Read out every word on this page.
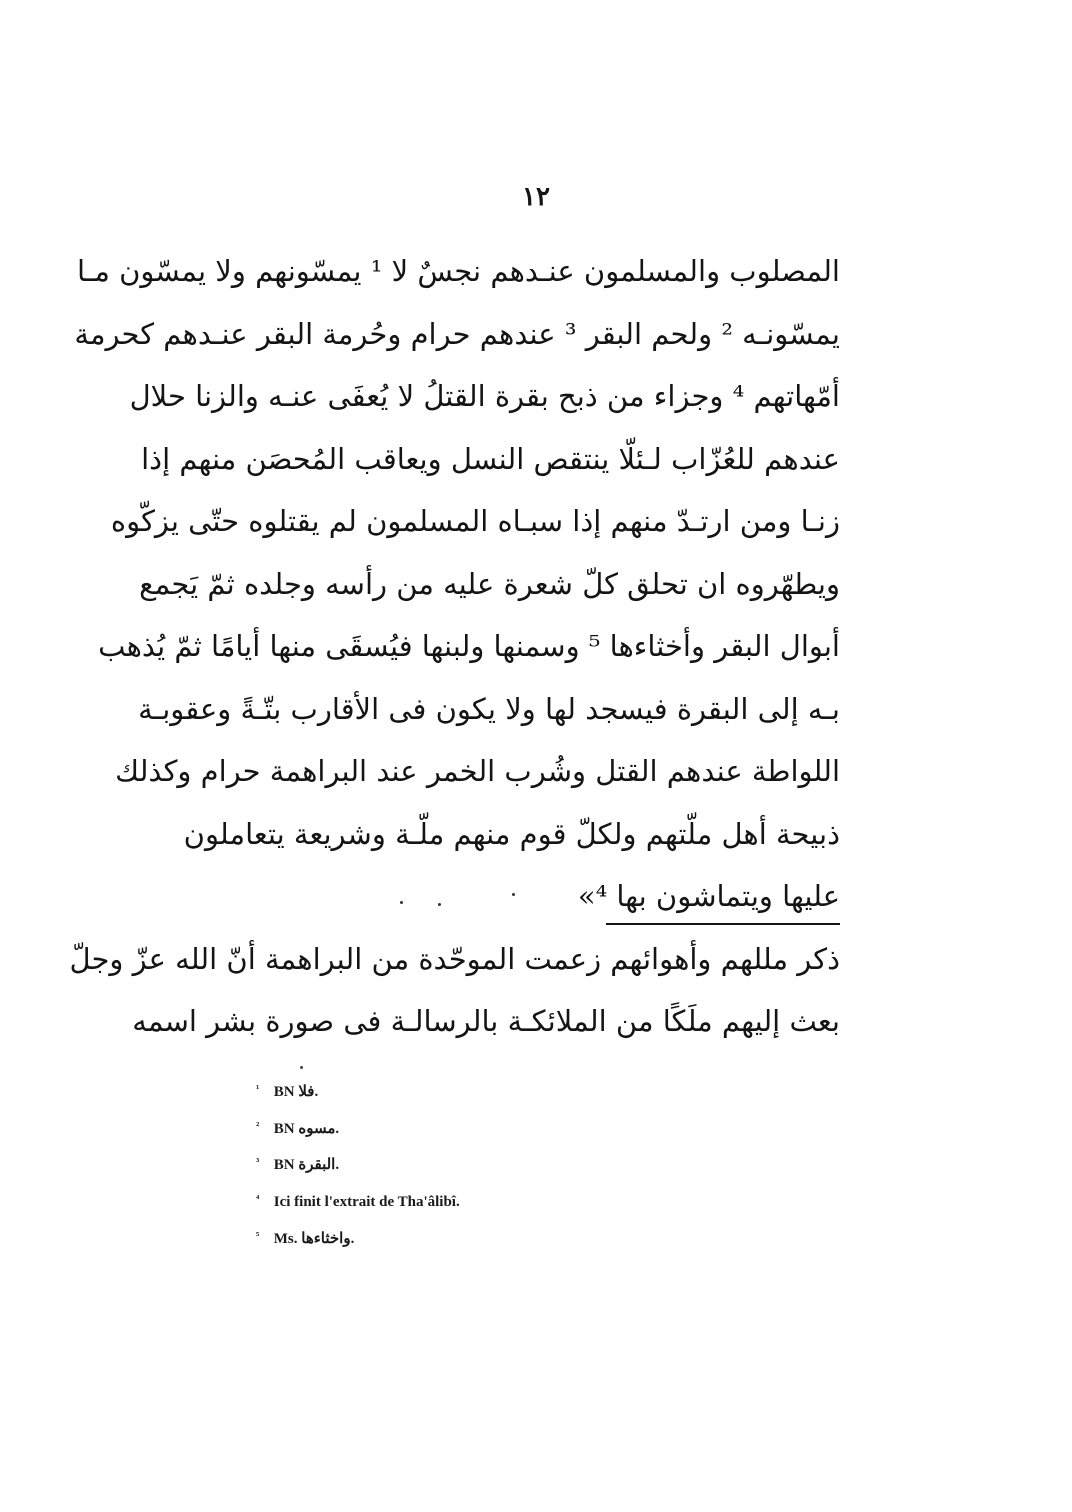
١٢
المصلوب والمسلمون عنـدهم نجسٌ لا ¹ يمسّونهم ولا يمسّون مـا
يمسّونـه ² ولحم البقر ³ عندهم حرام وحُرمة البقر عنـدهم كحرمة
أمّهاتهم ⁴ وجزاء من ذبح بقرة القتلُ لا يُعفَى عنـه والزنا حلال
عندهم للعُزّاب لـئلّا ينتقص النسل ويعاقب المُحصَن منهم إذا
زنـا ومن ارتـدّ منهم إذا سبـاه المسلمون لم يقتلوه حتّى يزكّوه
ويطهّروه ان تحلق كلّ شعرة عليه من رأسه وجلده ثمّ يَجمع
أبوال البقر وأخثاءها ⁵ وسمنها ولبنها فيُسقَى منها أيامًا ثمّ يُذهب
بـه إلى البقرة فيسجد لها ولا يكون فى الأقارب بتّـةً وعقوبـة
اللواطة عندهم القتل وشُرب الخمر عند البراهمة حرام وكذلك
ذبيحة أهل ملّتهم ولكلّ قوم منهم ملّـة وشريعة يتعاملون
عليها ويتماشون بها ⁴»
ذكر مللهم وأهوائهم زعمت الموحّدة من البراهمة أنّ الله عزّ وجلّ
بعث إليهم ملَكًا من الملائكـة بالرسالـة فى صورة بشر اسمه
¹ BN فلا.
² BN مسوه.
³ BN البقرة.
⁴ Ici finit l'extrait de Tha'âlibî.
⁵ Ms. واخثاءها.
